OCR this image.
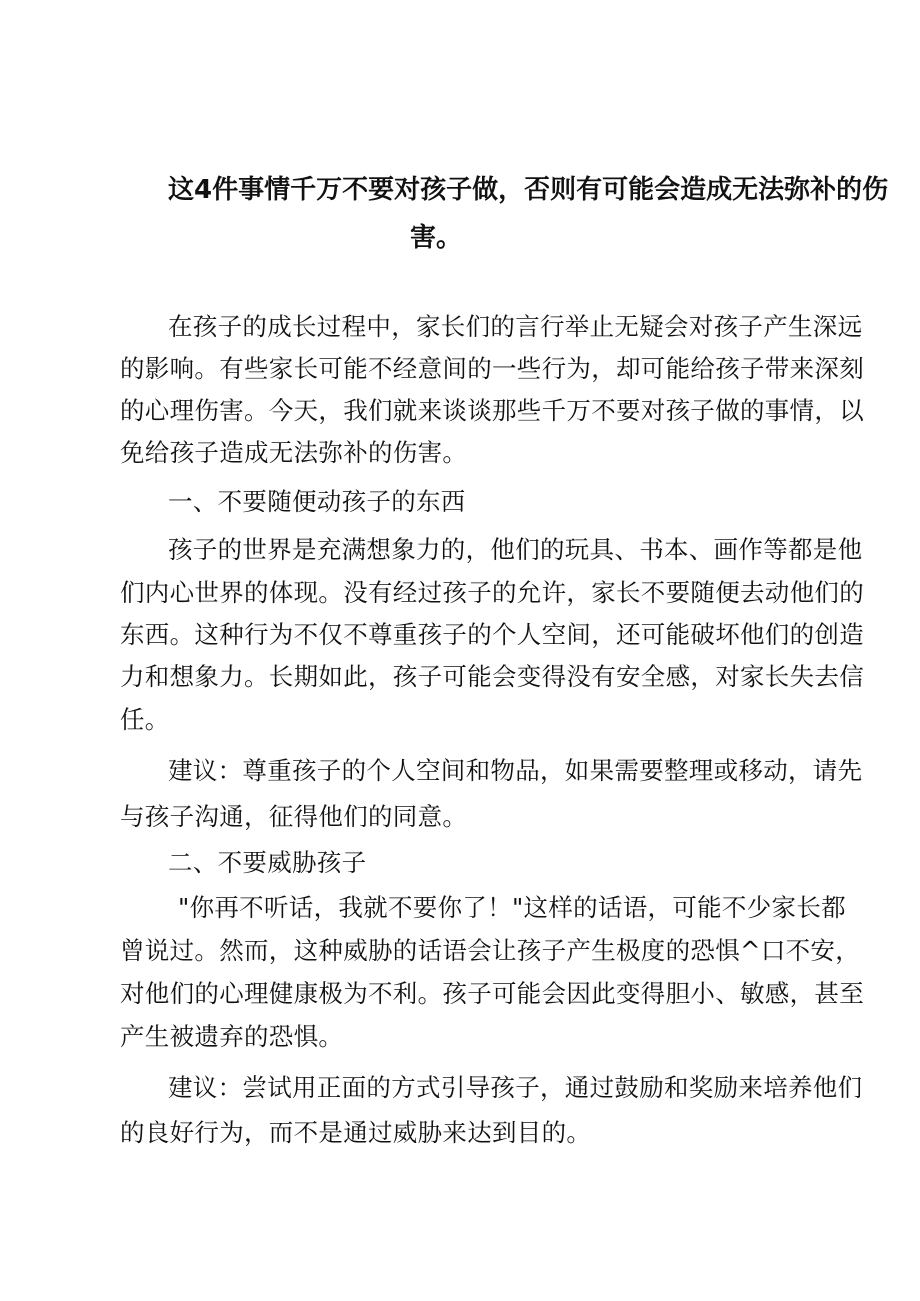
这4件事情千万不要对孩子做，否则有可能会造成无法弥补的伤
害。
在孩子的成长过程中，家长们的言行举止无疑会对孩子产生深远
的影响。有些家长可能不经意间的一些行为，却可能给孩子带来深刻
的心理伤害。今天，我们就来谈谈那些千万不要对孩子做的事情，以
免给孩子造成无法弥补的伤害。
一、不要随便动孩子的东西
孩子的世界是充满想象力的，他们的玩具、书本、画作等都是他
们内心世界的体现。没有经过孩子的允许，家长不要随便去动他们的
东西。这种行为不仅不尊重孩子的个人空间，还可能破坏他们的创造
力和想象力。长期如此，孩子可能会变得没有安全感，对家长失去信
任。
建议：尊重孩子的个人空间和物品，如果需要整理或移动，请先
与孩子沟通，征得他们的同意。
二、不要威胁孩子
"你再不听话，我就不要你了！"这样的话语，可能不少家长都
曾说过。然而，这种威胁的话语会让孩子产生极度的恐惧^口不安，
对他们的心理健康极为不利。孩子可能会因此变得胆小、敏感，甚至
产生被遗弃的恐惧。
建议：尝试用正面的方式引导孩子，通过鼓励和奖励来培养他们
的良好行为，而不是通过威胁来达到目的。
